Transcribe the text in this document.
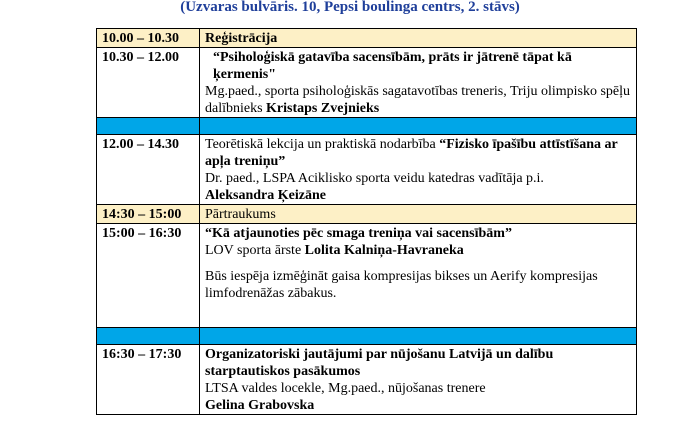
(Uzvaras bulvāris. 10, Pepsi boulinga centrs, 2. stāvs)
10.00 – 10.30	Reģistrācija
10.30 – 12.00	“Psiholoģiskā gatavība sacensībām, prāts ir jātrenē tāpat kā ķermenis"
Mg.paed., sporta psiholoģiskās sagatavotības treneris, Triju olimpisko spēļu dalībnieks Kristaps Zvejnieks

12.00 – 14.30	Teorētiskā lekcija un praktiskā nodarbība “Fizisko īpašību attīstīšana ar apļa treniņu”
Dr. paed., LSPA Aciklisko sporta veidu katedras vadītāja p.i.
Aleksandra Ķeizāne

14:30 – 15:00	Pārtraukums
15:00 – 16:30	“Kā atjaunoties pēc smaga treniņa vai sacensībām”
LOV sporta ārste Lolita Kalniņa-Havraneka
Būs iespēja izmēģināt gaisa kompresijas bikses un Aerify kompresijas limfodrenāžas zābakus.

16:30 – 17:30	Organizatoriski jautājumi par nūjošanu Latvijā un dalību starptautiskos pasākumos
LTSA valdes locekle, Mg.paed., nūjošanas trenere
Gelina Grabovska
